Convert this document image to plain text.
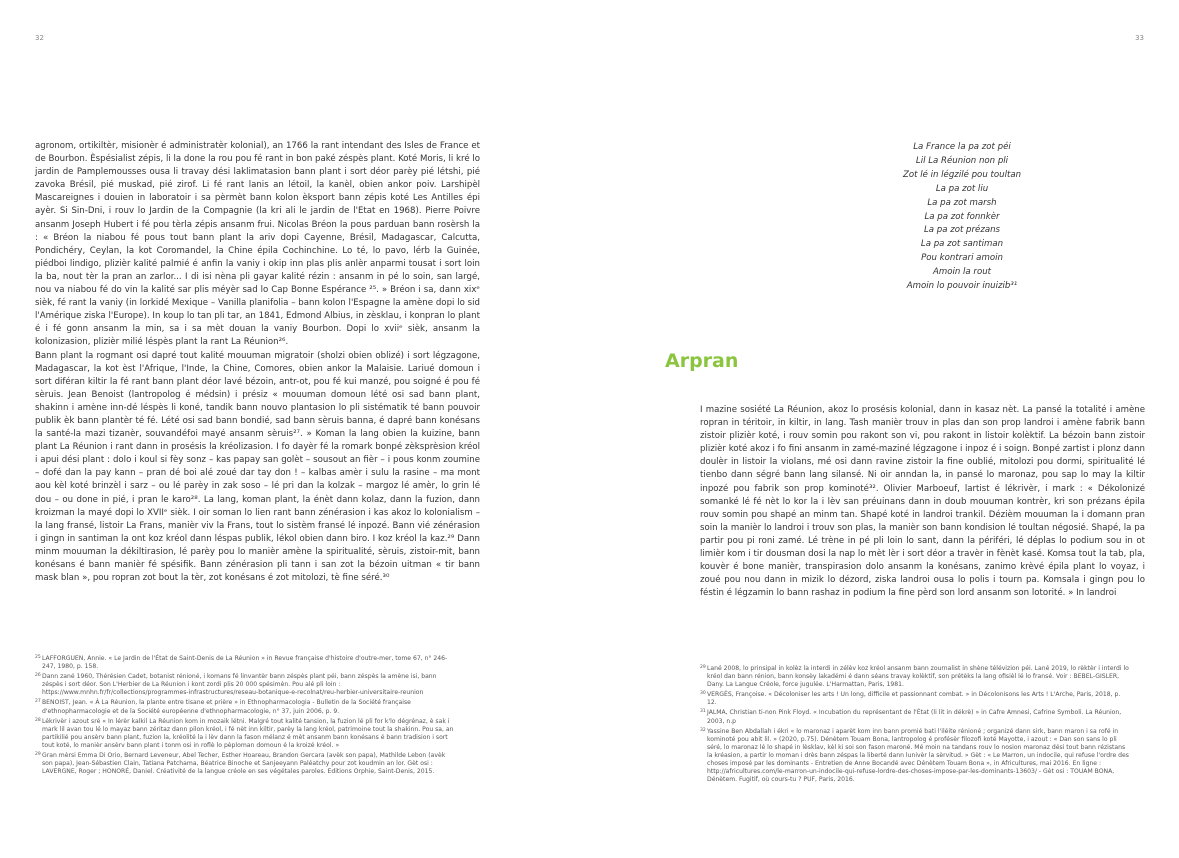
32

agronom, ortikiltèr, misionèr é administratèr kolonial), an 1766 la rant intendant des Isles de France et de Bourbon. Èspésialist zépis, li la done la rou pou fé rant in bon paké zéspès plant. Koté Moris, li kré lo jardin de Pamplemousses ousa li travay dési laklimatasion bann plant i sort déor parèy pié létshi, pié zavoka Brésil, pié muskad, pié zirof. Li fé rant lanis an létoil, la kanèl, obien ankor poiv. Larshipèl Mascareignes i douien in laboratoir i sa pèrmèt bann kolon èksport bann zépis koté Les Antilles épi ayèr. Si Sin-Dni, i rouv lo Jardin de la Compagnie (la kri ali le jardin de l'Etat en 1968). Pierre Poivre ansanm Joseph Hubert i fé pou tèrla zépis ansanm frui. Nicolas Bréon la pous parduan bann rosèrsh la : « Bréon la niabou fé pous tout bann plant la ariv dopi Cayenne, Brésil, Madagascar, Calcutta, Pondichéry, Ceylan, la kot Coromandel, la Chine épila Cochinchine. Lo té, lo pavo, lérb la Guinée, piédboi lindigo, plizièr kalité palmié é anfin la vaniy i okip inn plas plis anlèr anparmi tousat i sort loin la ba, nout tèr la pran an zarlor... I di isi nèna pli gayar kalité rézin : ansanm in pé lo soin, san largé, nou va niabou fé do vin la kalité sar plis méyèr sad lo Cap Bonne Espérance ²⁵. » Bréon i sa, dann xixᵉ sièk, fé rant la vaniy (in lorkidé Mexique – Vanilla planifolia – bann kolon l'Espagne la amène dopi lo sid l'Amérique ziska l'Europe). In koup lo tan pli tar, an 1841, Edmond Albius, in zèsklau, i konpran lo plant é i fé gonn ansanm la min, sa i sa mèt douan la vaniy Bourbon. Dopi lo xviiᵉ sièk, ansanm la kolonizasion, plizièr milié léspès plant la rant La Réunion²⁶.

Bann plant la rogmant osi dapré tout kalité mouuman migratoir (sholzi obien oblizé) i sort légzagone, Madagascar, la kot èst l'Afrique, l'Inde, la Chine, Comores, obien ankor la Malaisie. Lariué domoun i sort diféran kiltir la fé rant bann plant déor lavé bézoin, antr-ot, pou fé kui manzé, pou soigné é pou fé sèruis. Jean Benoist (lantropolog é médsin) i présiz « mouuman domoun lété osi sad bann plant, shakinn i amène inn-dé léspès li koné, tandik bann nouvo plantasion lo pli sistématik té bann pouvoir publik èk bann plantèr té fé. Lété osi sad bann bondié, sad bann sèruis banna, é dapré bann konésans la santé-la mazi tizanèr, souvandéfoi mayé ansanm sèruis²⁷. » Koman la lang obien la kuizine, bann plant La Réunion i rant dann in prosésis la kréolizasion. I fo dayèr fé la romark bonpé zèksprèsion kréol i apui dési plant : dolo i koul si fèy sonz – kas papay san golèt – sousout an fièr – i pous konm zoumine – dofé dan la pay kann – pran dé boi alé zoué dar tay don ! – kalbas amèr i sulu la rasine – ma mont aou kèl koté brinzèl i sarz – ou lé parèy in zak soso – lé pri dan la kolzak – margoz lé amèr, lo grin lé dou – ou done in pié, i pran le karo²⁸. La lang, koman plant, la énèt dann kolaz, dann la fuzion, dann kroizman la mayé dopi lo XVIIᵉ sièk. I oir soman lo lien rant bann zénérasion i kas akoz lo kolonialism – la lang fransé, listoir La Frans, manièr viv la Frans, tout lo sistèm fransé lé inpozé. Bann vié zénérasion i gingn in santiman la ont koz kréol dann léspas publik, lékol obien dann biro. I koz kréol la kaz.²⁹ Dann minm mouuman la dékiltirasion, lé parèy pou lo manièr amène la spiritualité, sèruis, zistoir-mit, bann konésans é bann manièr fé spésifik. Bann zénérasion pli tann i san zot la bézoin uitman « tir bann mask blan », pou ropran zot bout la tèr, zot konésans é zot mitolozi, tè fine séré.³⁰

25 LAFFORGUEN, Annie. « Le Jardin de l'État de Saint-Denis de La Réunion » in Revue française d'histoire d'outre-mer, tome 67, n° 246-247, 1980, p. 158.
26 Dann zané 1960, Thérésien Cadet, botanist rénioné, i komans fé linvantèr bann zéspès plant péi, bann zéspès la amène isi, bann zéspès i sort déor. Son L'Herbier de La Réunion i kont zordi plis 20 000 spésimèn. Pou alé pli loin : https://www.mnhn.fr/fr/collections/programmes-infrastructures/reseau-botanique-e-recolnat/reu-herbier-universitaire-reunion
27 BENOIST, Jean. « À La Réunion, la plante entre tisane et prière » in Ethnopharmacologia - Bulletin de la Société française d'ethnopharmacologie et de la Société européenne d'ethnopharmacologie, n° 37, juin 2006, p. 9.
28 Lékrivèr i azout sré « In lérèr kalkil La Réunion kom in mozaik létni. Malgré tout kalité tansion, la fuzion lé pli for k'lo dégrénaz, è sak i mark lil avan tou lé lo mayaz bann zéritaz dann pilon kréol, i fé nèt inn kiltir, parèy la lang kréol, patrimoine tout la shakinn. Pou sa, an partikilié pou ansèrv bann plant, fuzion la, kréolité la i lèv dann la fason mélanz é mèt ansanm bann konésans é bann tradision i sort tout koté, lo manièr ansèrv bann plant i tonm osi in roflè lo pèploman domoun é la kroizé kréol. »
29 Gran mèrsi Emma Di Orio, Bernard Leveneur, Abel Techer, Esther Hoareau, Brandon Gercara (avèk son papa), Mathilde Lebon (avèk son papa), Jean-Sébastien Clain, Tatiana Patchama, Béatrice Binoche et Sanjeeyann Paléatchy pour zot koudmin an lor. Gèt osi : LAVERGNE, Roger ; HONORÉ, Daniel. Créativité de la langue créole en ses végétales paroles. Editions Orphie, Saint-Denis, 2015.
33
La France la pa zot péi
Lil La Réunion non pli
Zot lé in légzilé pou toultan
La pa zot liu
La pa zot marsh
La pa zot fonnkèr
La pa zot prézans
La pa zot santiman
Pou kontrari amoin
Amoin la rout
Amoin lo pouvoir inuizib³¹
Arpran

I mazine sosiété La Réunion, akoz lo prosésis kolonial, dann in kasaz nèt. La pansé la totalité i amène ropran in téritoir, in kiltir, in lang. Tash manièr trouv in plas dan son prop landroi i amène fabrik bann zistoir plizièr koté, i rouv somin pou rakont son vi, pou rakont in listoir kolèktif. La bézoin bann zistoir plizièr koté akoz i fo fini ansanm in zamé-maziné légzagone i inpoz é i soign. Bonpé zartist i plonz dann doulèr in listoir la violans, mé osi dann ravine zistoir la fine oublié, mitolozi pou dormi, spiritualité lé tienbo dann ségré bann lang silansé. Ni oir anndan la, in pansé lo maronaz, pou sap lo may la kiltir inpozé pou fabrik son prop kominoté³². Olivier Marboeuf, lartist é lékrivèr, i mark : « Dékolonizé somanké lé fé nèt lo kor la i lèv san préuinans dann in doub mouuman kontrèr, kri son prézans épila rouv somin pou shapé an minm tan. Shapé koté in landroi trankil. Dézièm mouuman la i domann pran soin la manièr lo landroi i trouv son plas, la manièr son bann kondision lé toultan négosié. Shapé, la pa partir pou pi roni zamé. Lé trène in pé pli loin lo sant, dann la périféri, lé déplas lo podium sou in ot limièr kom i tir dousman dosi la nap lo mèt lèr i sort déor a travèr in fènèt kasé. Komsa tout la tab, pla, kouvèr é bone manièr, transpirasion dolo ansanm la konésans, zanimo krèvé épila plant lo voyaz, i zoué pou nou dann in mizik lo dézord, ziska landroi ousa lo polis i tourn pa. Komsala i gingn pou lo féstin é légzamin lo bann rashaz in podium la fine pèrd son lord ansanm son lotorité. » In landroi

29 Lané 2008, lo prinsipal in kolèz la interdi in zélèv koz kréol ansanm bann zournalist in shène télévizion péi. Lané 2019, lo rèktèr i interdi lo kréol dan bann rénion, bann konsèy lakadémi é dann séans travay kolèktif, son prétèks la lang ofisièl lé lo fransé. Voir : BEBEL-GISLER, Dany. La Langue Créole, force jugulée. L'Harmattan, Paris, 1981.
30 VERGÈS, Françoise. « Décoloniser les arts ! Un long, difficile et passionnant combat. » in Décolonisons les Arts ! L'Arche, Paris, 2018, p. 12.
31 JALMA, Christian ti-non Pink Floyd. « Incubation du représentant de l'État (li lit in dékrè) » in Cafre Amnesi, Cafrine Symboli. La Réunion, 2003, n.p
32 Yassine Ben Abdallah i ékri « lo maronaz i aparèt kom inn bann promié bati l'iléite rénioné ; organizé dann sirk, bann maron i sa rofé in kominoté pou abit lil. » (2020, p.75). Dénètem Touam Bona, lantropolog é profésèr filozofi koté Mayotte, i azout : « Dan son sans lo pli séré, lo maronaz lé lo shapé in lèsklav, kèl ki soi son fason maroné. Mé moin na tandans rouv lo nosion maronaz dési tout bann rézistans la kréasion, a partir lo moman i drès bann zéspas la liberté dann lunivèr la sèrvitud. » Gèt : « Le Marron, un indocile, qui refuse l'ordre des choses imposé par les dominants - Entretien de Anne Bocandé avec Dénètem Touam Bona », in Africultures, mai 2016. En ligne : http://africultures.com/le-marron-un-indocile-qui-refuse-lordre-des-choses-impose-par-les-dominants-13603/ - Gèt osi : TOUAM BONA, Dénètem. Fugitif, où cours-tu ? PUF, Paris, 2016.
